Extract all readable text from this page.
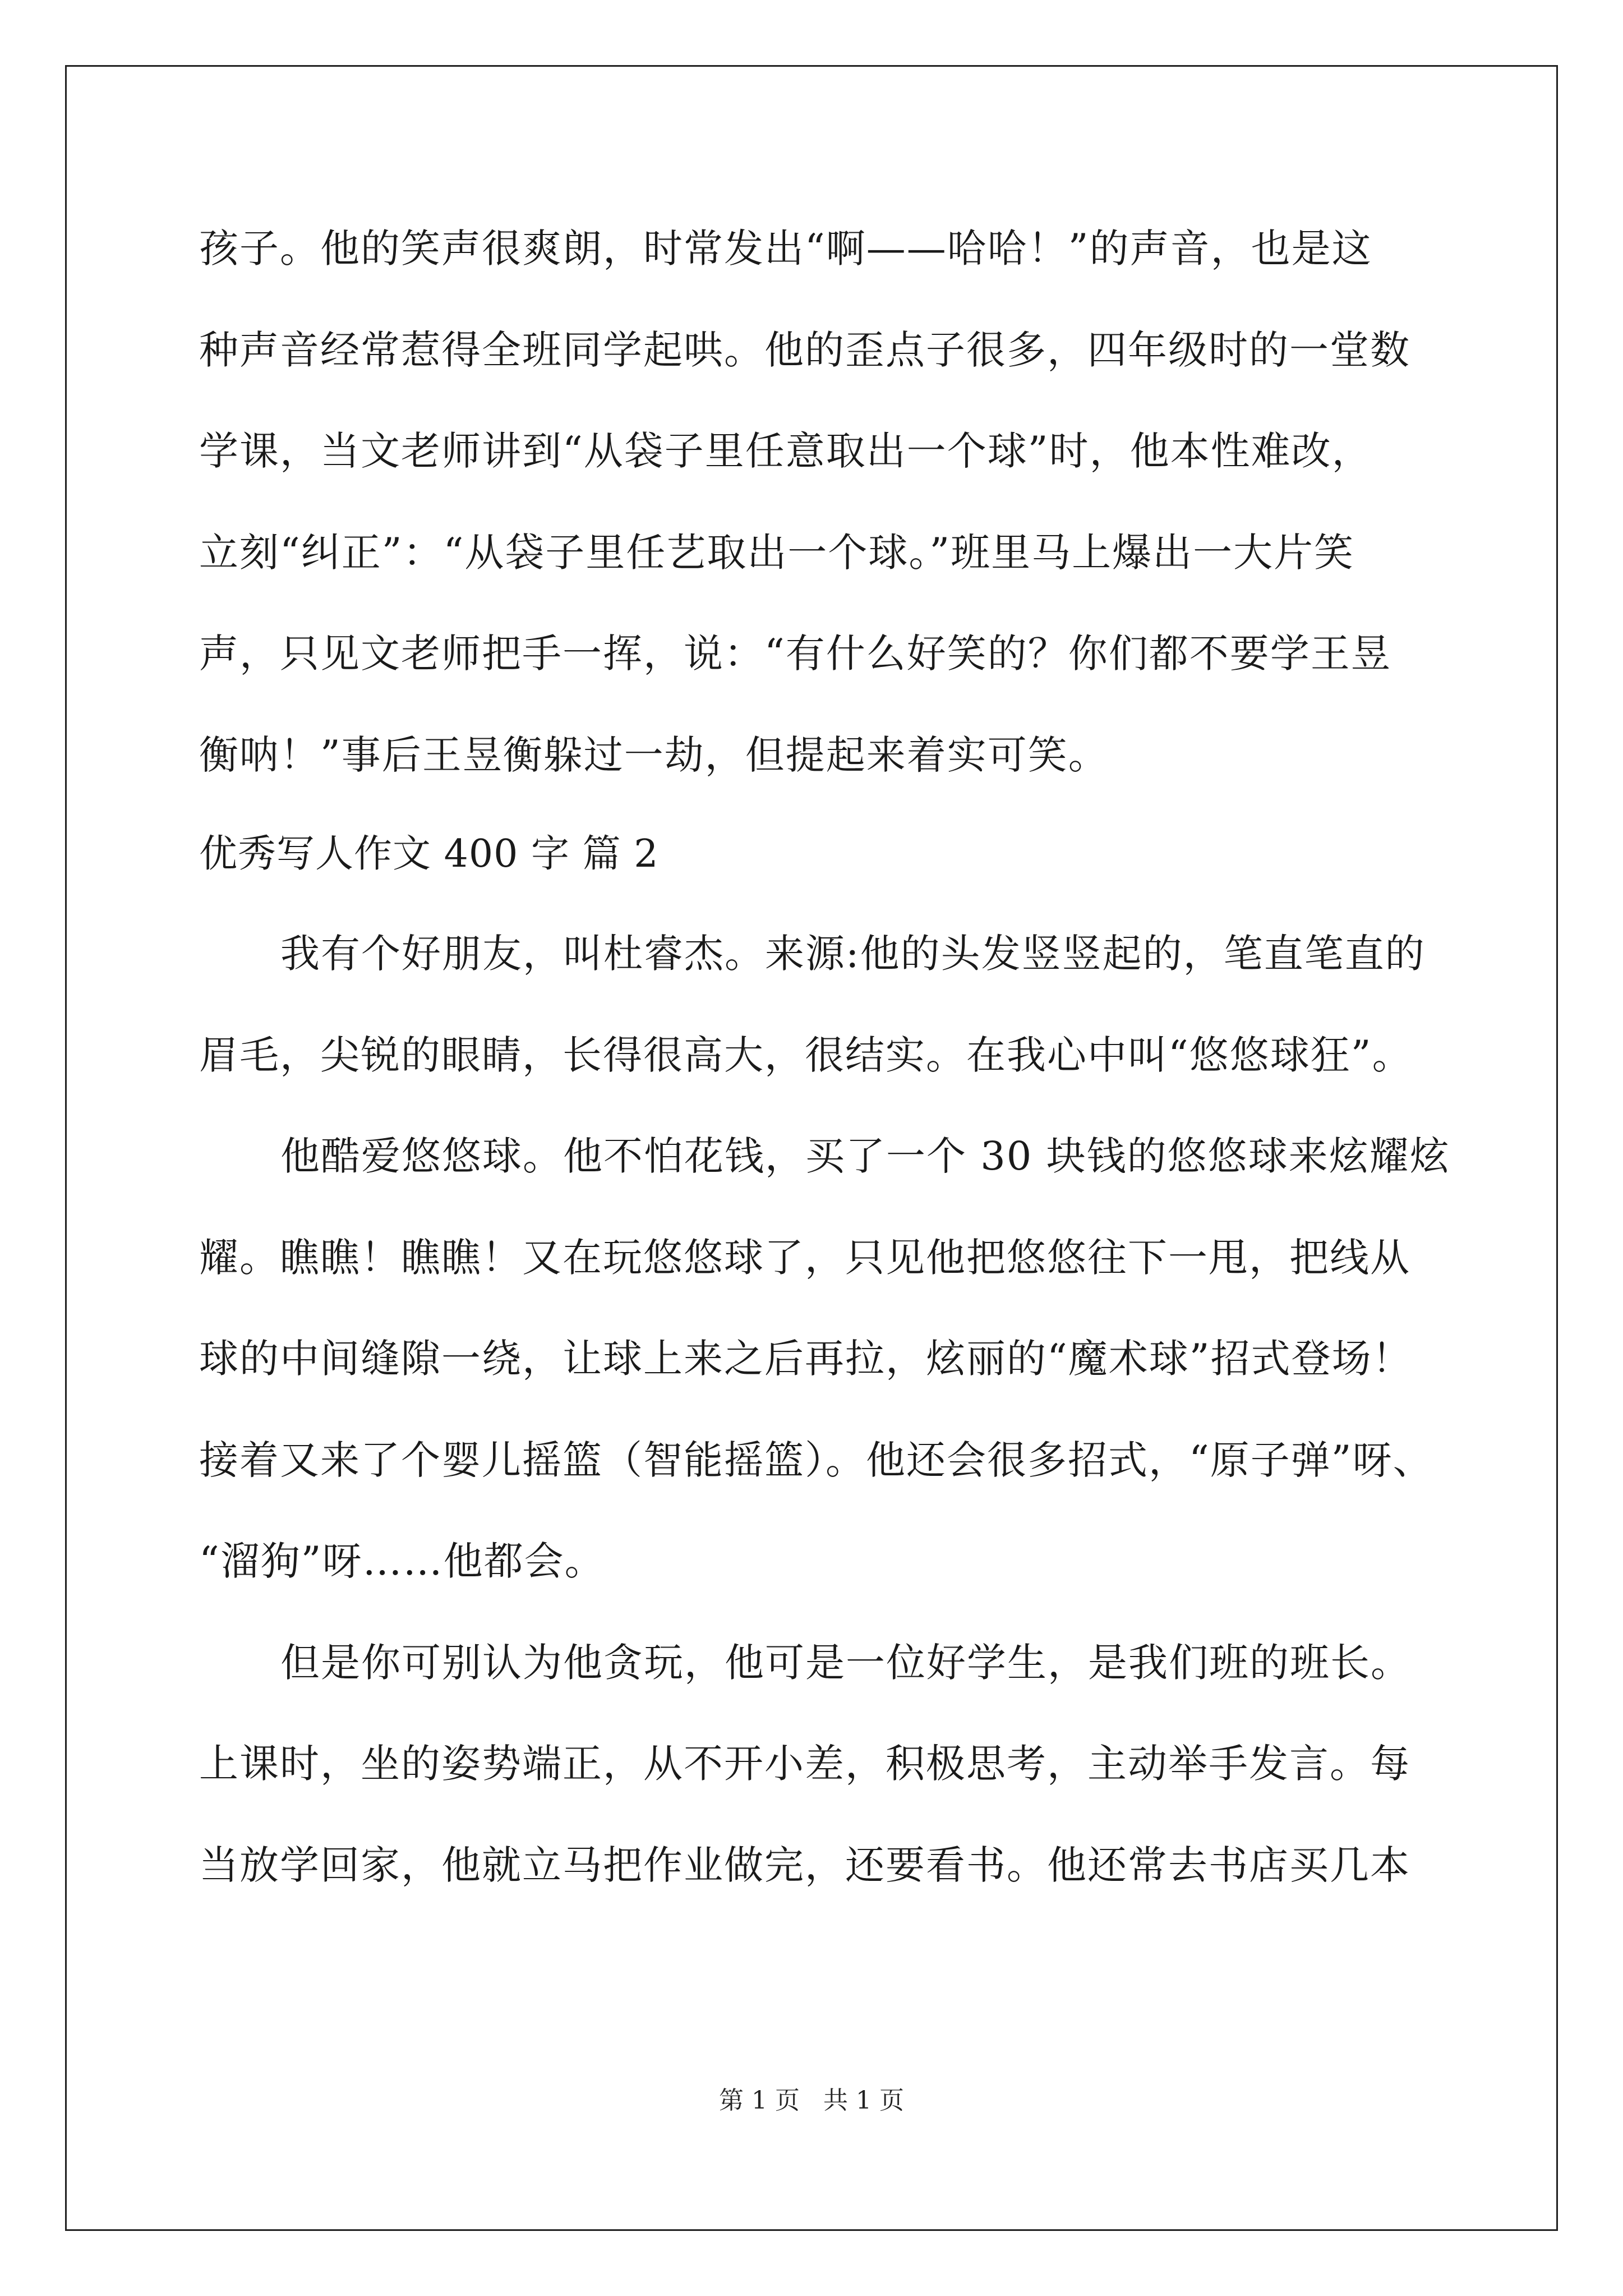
孩子。他的笑声很爽朗，时常发出“啊——哈哈！”的声音，也是这
种声音经常惹得全班同学起哄。他的歪点子很多，四年级时的一堂数
学课，当文老师讲到“从袋子里任意取出一个球”时，他本性难改，
立刻“纠正”：“从袋子里任艺取出一个球。”班里马上爆出一大片笑
声，只见文老师把手一挥，说：“有什么好笑的？你们都不要学王昱
衡呐！”事后王昱衡躲过一劫，但提起来着实可笑。
优秀写人作文 400 字 篇 2
我有个好朋友，叫杜睿杰。来源:他的头发竖竖起的，笔直笔直的
眉毛，尖锐的眼睛，长得很高大，很结实。在我心中叫“悠悠球狂”。
他酷爱悠悠球。他不怕花钱，买了一个 30 块钱的悠悠球来炫耀炫
耀。瞧瞧！瞧瞧！又在玩悠悠球了，只见他把悠悠往下一甩，把线从
球的中间缝隙一绕，让球上来之后再拉，炫丽的“魔术球”招式登场！
接着又来了个婴儿摇篮（智能摇篮）。他还会很多招式，“原子弹”呀、
“溜狗”呀……他都会。
但是你可别认为他贪玩，他可是一位好学生，是我们班的班长。
上课时，坐的姿势端正，从不开小差，积极思考，主动举手发言。每
当放学回家，他就立马把作业做完，还要看书。他还常去书店买几本
第 1 页   共 1 页
